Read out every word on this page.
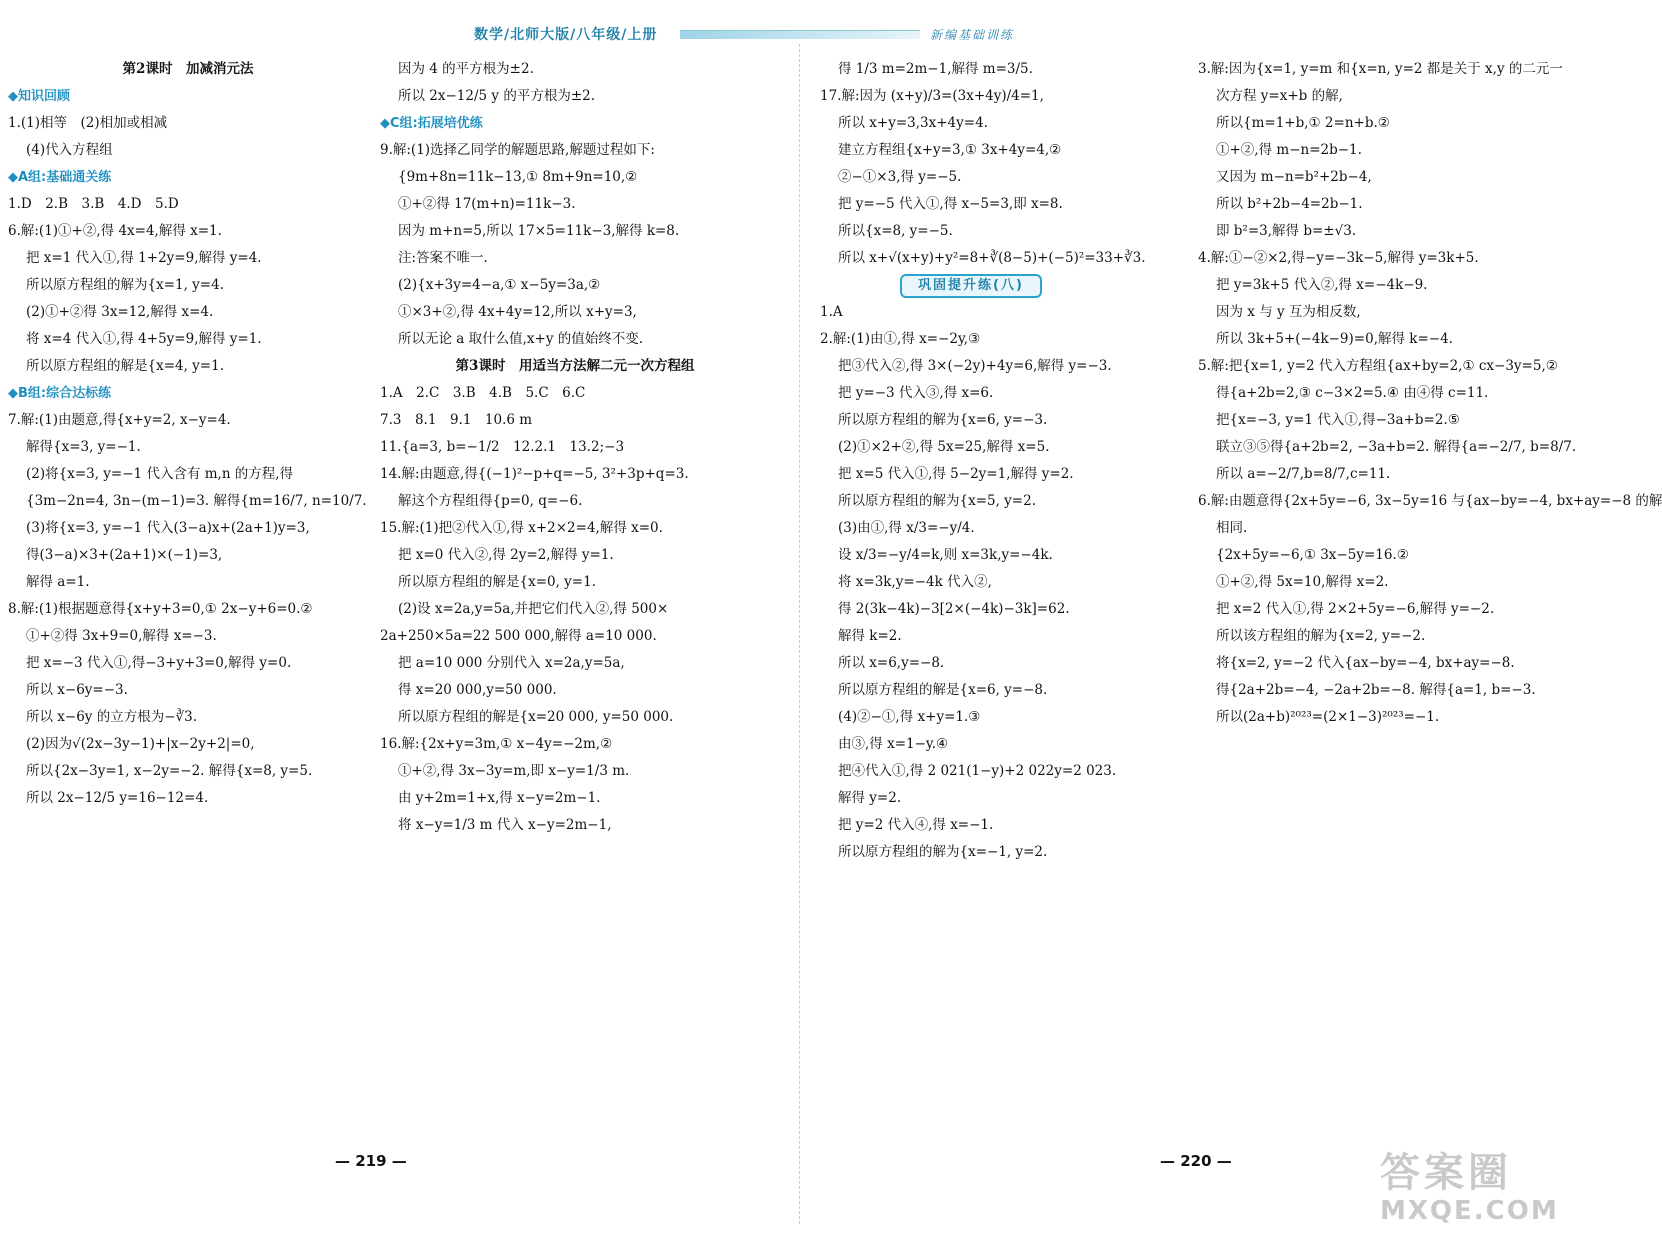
数学/北师大版/八年级/上册	新编基础训练
第2课时　加减消元法
◆知识回顾
1.(1)相等　(2)相加或相减
(4)代入方程组
◆A组:基础通关练
1.D　2.B　3.B　4.D　5.D
6.解:(1)①+②,得 4x=4,解得 x=1.
把 x=1 代入①,得 1+2y=9,解得 y=4.
所以原方程组的解为{x=1, y=4.
(2)①+②得 3x=12,解得 x=4.
将 x=4 代入①,得 4+5y=9,解得 y=1.
所以原方程组的解是{x=4, y=1.
◆B组:综合达标练
7.解:(1)由题意,得{x+y=2, x−y=4.
解得{x=3, y=−1.
(2)将{x=3, y=−1 代入含有 m,n 的方程,得
{3m−2n=4, 3n−(m−1)=3. 解得{m=16/7, n=10/7.
(3)将{x=3, y=−1 代入(3−a)x+(2a+1)y=3,
得(3−a)×3+(2a+1)×(−1)=3,
解得 a=1.
8.解:(1)根据题意得{x+y+3=0,① 2x−y+6=0.②
①+②得 3x+9=0,解得 x=−3.
把 x=−3 代入①,得−3+y+3=0,解得 y=0.
所以 x−6y=−3.
所以 x−6y 的立方根为−∛3.
(2)因为√(2x−3y−1)+|x−2y+2|=0,
所以{2x−3y=1, x−2y=−2. 解得{x=8, y=5.
所以 2x−12/5 y=16−12=4.
因为 4 的平方根为±2.
所以 2x−12/5 y 的平方根为±2.
◆C组:拓展培优练
9.解:(1)选择乙同学的解题思路,解题过程如下:
{9m+8n=11k−13,① 8m+9n=10,②
①+②得 17(m+n)=11k−3.
因为 m+n=5,所以 17×5=11k−3,解得 k=8.
注:答案不唯一.
(2){x+3y=4−a,① x−5y=3a,②
①×3+②,得 4x+4y=12,所以 x+y=3,
所以无论 a 取什么值,x+y 的值始终不变.
第3课时　用适当方法解二元一次方程组
1.A　2.C　3.B　4.B　5.C　6.C
7.3　8.1　9.1　10.6 m
11.{a=3, b=−1/2　12.2.1　13.2;−3
14.解:由题意,得{(−1)²−p+q=−5, 3²+3p+q=3.
解这个方程组得{p=0, q=−6.
15.解:(1)把②代入①,得 x+2×2=4,解得 x=0.
把 x=0 代入②,得 2y=2,解得 y=1.
所以原方程组的解是{x=0, y=1.
(2)设 x=2a,y=5a,并把它们代入②,得 500×
2a+250×5a=22 500 000,解得 a=10 000.
把 a=10 000 分别代入 x=2a,y=5a,
得 x=20 000,y=50 000.
所以原方程组的解是{x=20 000, y=50 000.
16.解:{2x+y=3m,① x−4y=−2m,②
①+②,得 3x−3y=m,即 x−y=1/3 m.
由 y+2m=1+x,得 x−y=2m−1.
将 x−y=1/3 m 代入 x−y=2m−1,
得 1/3 m=2m−1,解得 m=3/5.
17.解:因为 (x+y)/3=(3x+4y)/4=1,
所以 x+y=3,3x+4y=4.
建立方程组{x+y=3,① 3x+4y=4,②
②−①×3,得 y=−5.
把 y=−5 代入①,得 x−5=3,即 x=8.
所以{x=8, y=−5.
所以 x+√(x+y)+y²=8+∛(8−5)+(−5)²=33+∛3.
巩固提升练(八)
1.A
2.解:(1)由①,得 x=−2y,③
把③代入②,得 3×(−2y)+4y=6,解得 y=−3.
把 y=−3 代入③,得 x=6.
所以原方程组的解为{x=6, y=−3.
(2)①×2+②,得 5x=25,解得 x=5.
把 x=5 代入①,得 5−2y=1,解得 y=2.
所以原方程组的解为{x=5, y=2.
(3)由①,得 x/3=−y/4.
设 x/3=−y/4=k,则 x=3k,y=−4k.
将 x=3k,y=−4k 代入②,
得 2(3k−4k)−3[2×(−4k)−3k]=62.
解得 k=2.
所以 x=6,y=−8.
所以原方程组的解是{x=6, y=−8.
(4)②−①,得 x+y=1.③
由③,得 x=1−y.④
把④代入①,得 2 021(1−y)+2 022y=2 023.
解得 y=2.
把 y=2 代入④,得 x=−1.
所以原方程组的解为{x=−1, y=2.
3.解:因为{x=1, y=m 和{x=n, y=2 都是关于 x,y 的二元一
次方程 y=x+b 的解,
所以{m=1+b,① 2=n+b.②
①+②,得 m−n=2b−1.
又因为 m−n=b²+2b−4,
所以 b²+2b−4=2b−1.
即 b²=3,解得 b=±√3.
4.解:①−②×2,得−y=−3k−5,解得 y=3k+5.
把 y=3k+5 代入②,得 x=−4k−9.
因为 x 与 y 互为相反数,
所以 3k+5+(−4k−9)=0,解得 k=−4.
5.解:把{x=1, y=2 代入方程组{ax+by=2,① cx−3y=5,②
得{a+2b=2,③ c−3×2=5.④ 由④得 c=11.
把{x=−3, y=1 代入①,得−3a+b=2.⑤
联立③⑤得{a+2b=2, −3a+b=2. 解得{a=−2/7, b=8/7.
所以 a=−2/7,b=8/7,c=11.
6.解:由题意得{2x+5y=−6, 3x−5y=16 与{ax−by=−4, bx+ay=−8 的解
相同.
{2x+5y=−6,① 3x−5y=16.②
①+②,得 5x=10,解得 x=2.
把 x=2 代入①,得 2×2+5y=−6,解得 y=−2.
所以该方程组的解为{x=2, y=−2.
将{x=2, y=−2 代入{ax−by=−4, bx+ay=−8.
得{2a+2b=−4, −2a+2b=−8. 解得{a=1, b=−3.
所以(2a+b)²⁰²³=(2×1−3)²⁰²³=−1.
— 219 —	— 220 —	答案圈
MXQE.COM
